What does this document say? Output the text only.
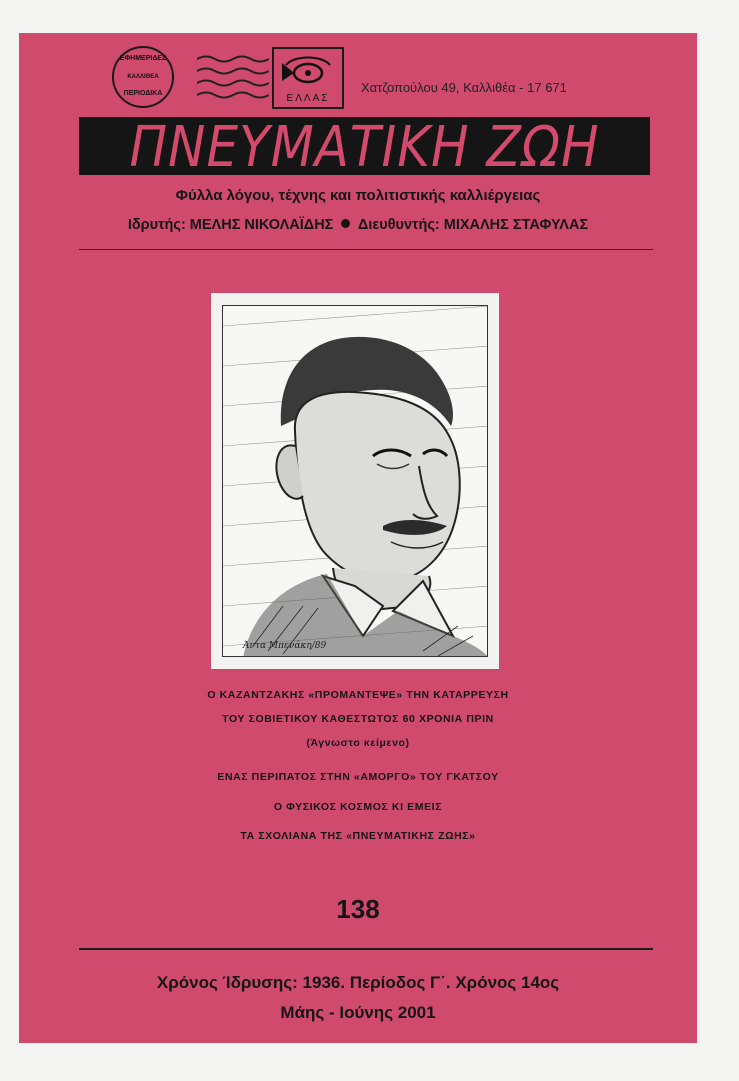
ΕΦΗΜΕΡΙΔΕΣ
ΚΑΛΛΙΘΕΑ
ΠΕΡΙΟΔΙΚΑ	ΕΛΛΑΣ
Χατζοπούλου 49, Καλλιθέα - 17 671
ΠΝΕΥΜΑΤΙΚΗ ΖΩΗ
Φύλλα λόγου, τέχνης και πολιτιστικής καλλιέργειας
Ιδρυτής: ΜΕΛΗΣ ΝΙΚΟΛΑΪΔΗΣ Διευθυντής: ΜΙΧΑΛΗΣ ΣΤΑΦΥΛΑΣ
Άντα Μπενάκη/89
Ο ΚΑΖΑΝΤΖΑΚΗΣ «ΠΡΟΜΑΝΤΕΨΕ» ΤΗΝ ΚΑΤΑΡΡΕΥΣΗ
ΤΟΥ ΣΟΒΙΕΤΙΚΟΥ ΚΑΘΕΣΤΩΤΟΣ 60 ΧΡΟΝΙΑ ΠΡΙΝ
(Άγνωστο κείμενο)
ΕΝΑΣ ΠΕΡΙΠΑΤΟΣ ΣΤΗΝ «ΑΜΟΡΓΟ» ΤΟΥ ΓΚΑΤΣΟΥ
Ο ΦΥΣΙΚΟΣ ΚΟΣΜΟΣ ΚΙ ΕΜΕΙΣ
ΤΑ ΣΧΟΛΙΑΝΑ ΤΗΣ «ΠΝΕΥΜΑΤΙΚΗΣ ΖΩΗΣ»
138
Χρόνος Ίδρυσης: 1936. Περίοδος Γ΄. Χρόνος 14ος
Μάης - Ιούνης 2001
